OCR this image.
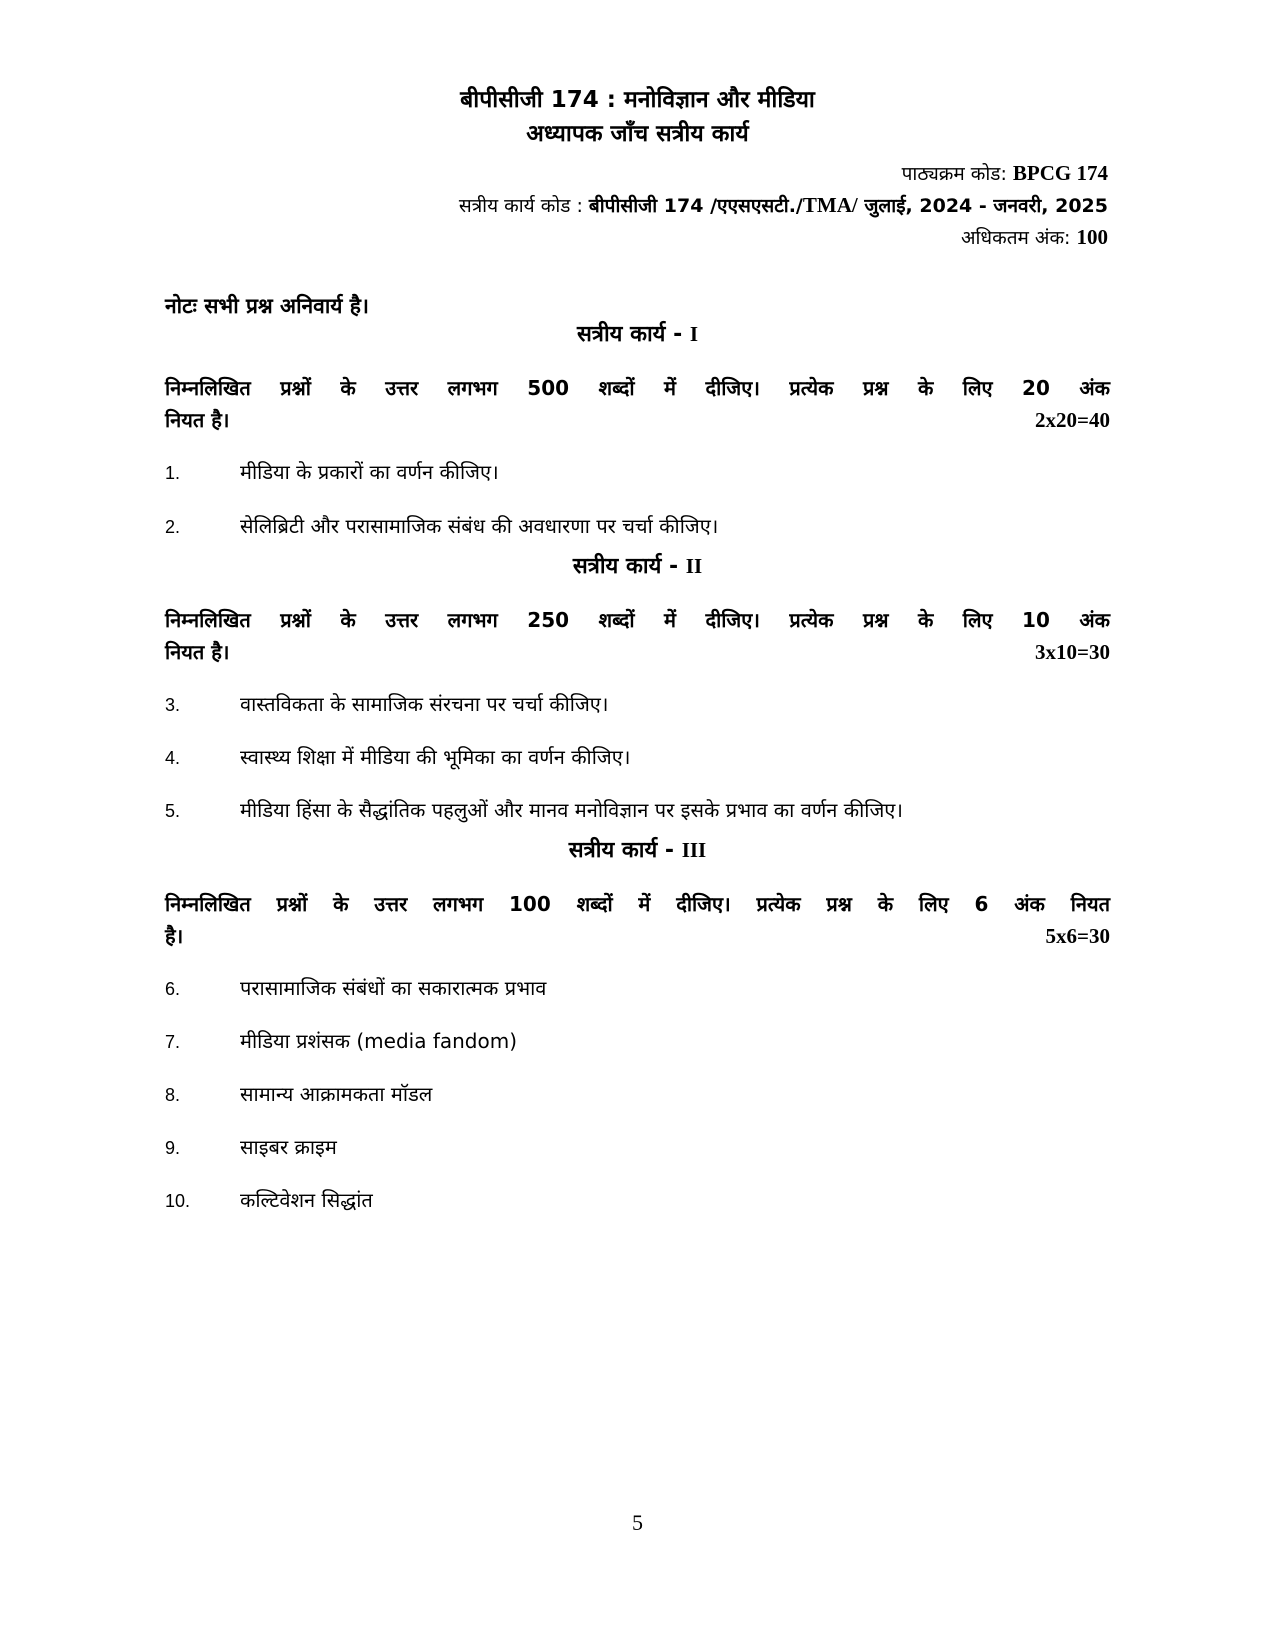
बीपीसीजी 174 : मनोविज्ञान और मीडिया
अध्यापक जाँच सत्रीय कार्य
पाठ्यक्रम कोड: BPCG 174
सत्रीय कार्य कोड : बीपीसीजी 174 /एएसएसटी./TMA/ जुलाई, 2024 - जनवरी, 2025
अधिकतम अंक: 100
नोटः सभी प्रश्न अनिवार्य है।
सत्रीय कार्य - I
निम्नलिखित प्रश्नों के उत्तर लगभग 500 शब्दों में दीजिए। प्रत्येक प्रश्न के लिए 20 अंक
नियत है।	2x20=40
1.	मीडिया के प्रकारों का वर्णन कीजिए।
2.	सेलिब्रिटी और परासामाजिक संबंध की अवधारणा पर चर्चा कीजिए।
सत्रीय कार्य - II
निम्नलिखित प्रश्नों के उत्तर लगभग 250 शब्दों में दीजिए। प्रत्येक प्रश्न के लिए 10 अंक
नियत है।	3x10=30
3.	वास्तविकता के सामाजिक संरचना पर चर्चा कीजिए।
4.	स्वास्थ्य शिक्षा में मीडिया की भूमिका का वर्णन कीजिए।
5.	मीडिया हिंसा के सैद्धांतिक पहलुओं और मानव मनोविज्ञान पर इसके प्रभाव का वर्णन कीजिए।
सत्रीय कार्य - III
निम्नलिखित प्रश्नों के उत्तर लगभग 100 शब्दों में दीजिए। प्रत्येक प्रश्न के लिए 6 अंक नियत
है।	5x6=30
6.	परासामाजिक संबंधों का सकारात्मक प्रभाव
7.	मीडिया प्रशंसक (media fandom)
8.	सामान्य आक्रामकता मॉडल
9.	साइबर क्राइम
10. कल्टिवेशन सिद्धांत
5
